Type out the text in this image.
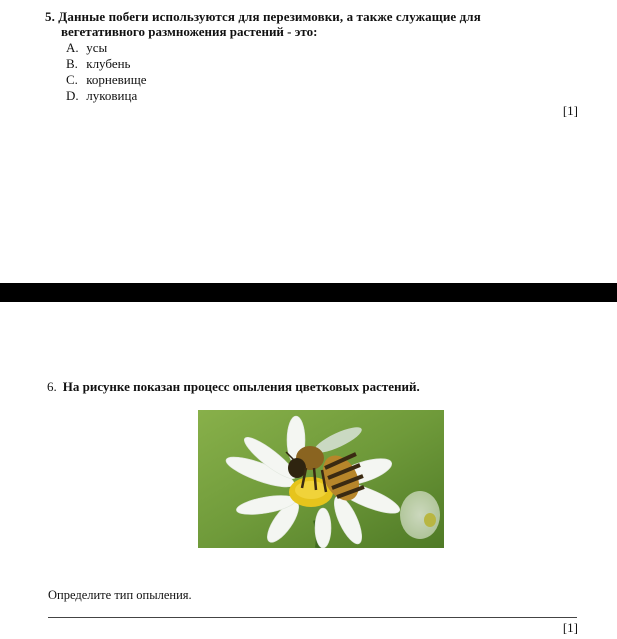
5. Данные побеги используются для перезимовки, а также служащие для
вегетативного размножения растений - это:
A. усы
B. клубень
C. корневище
D. луковица
[1]
6. На рисунке показан процесс опыления цветковых растений.
Определите тип опыления.
[1]
